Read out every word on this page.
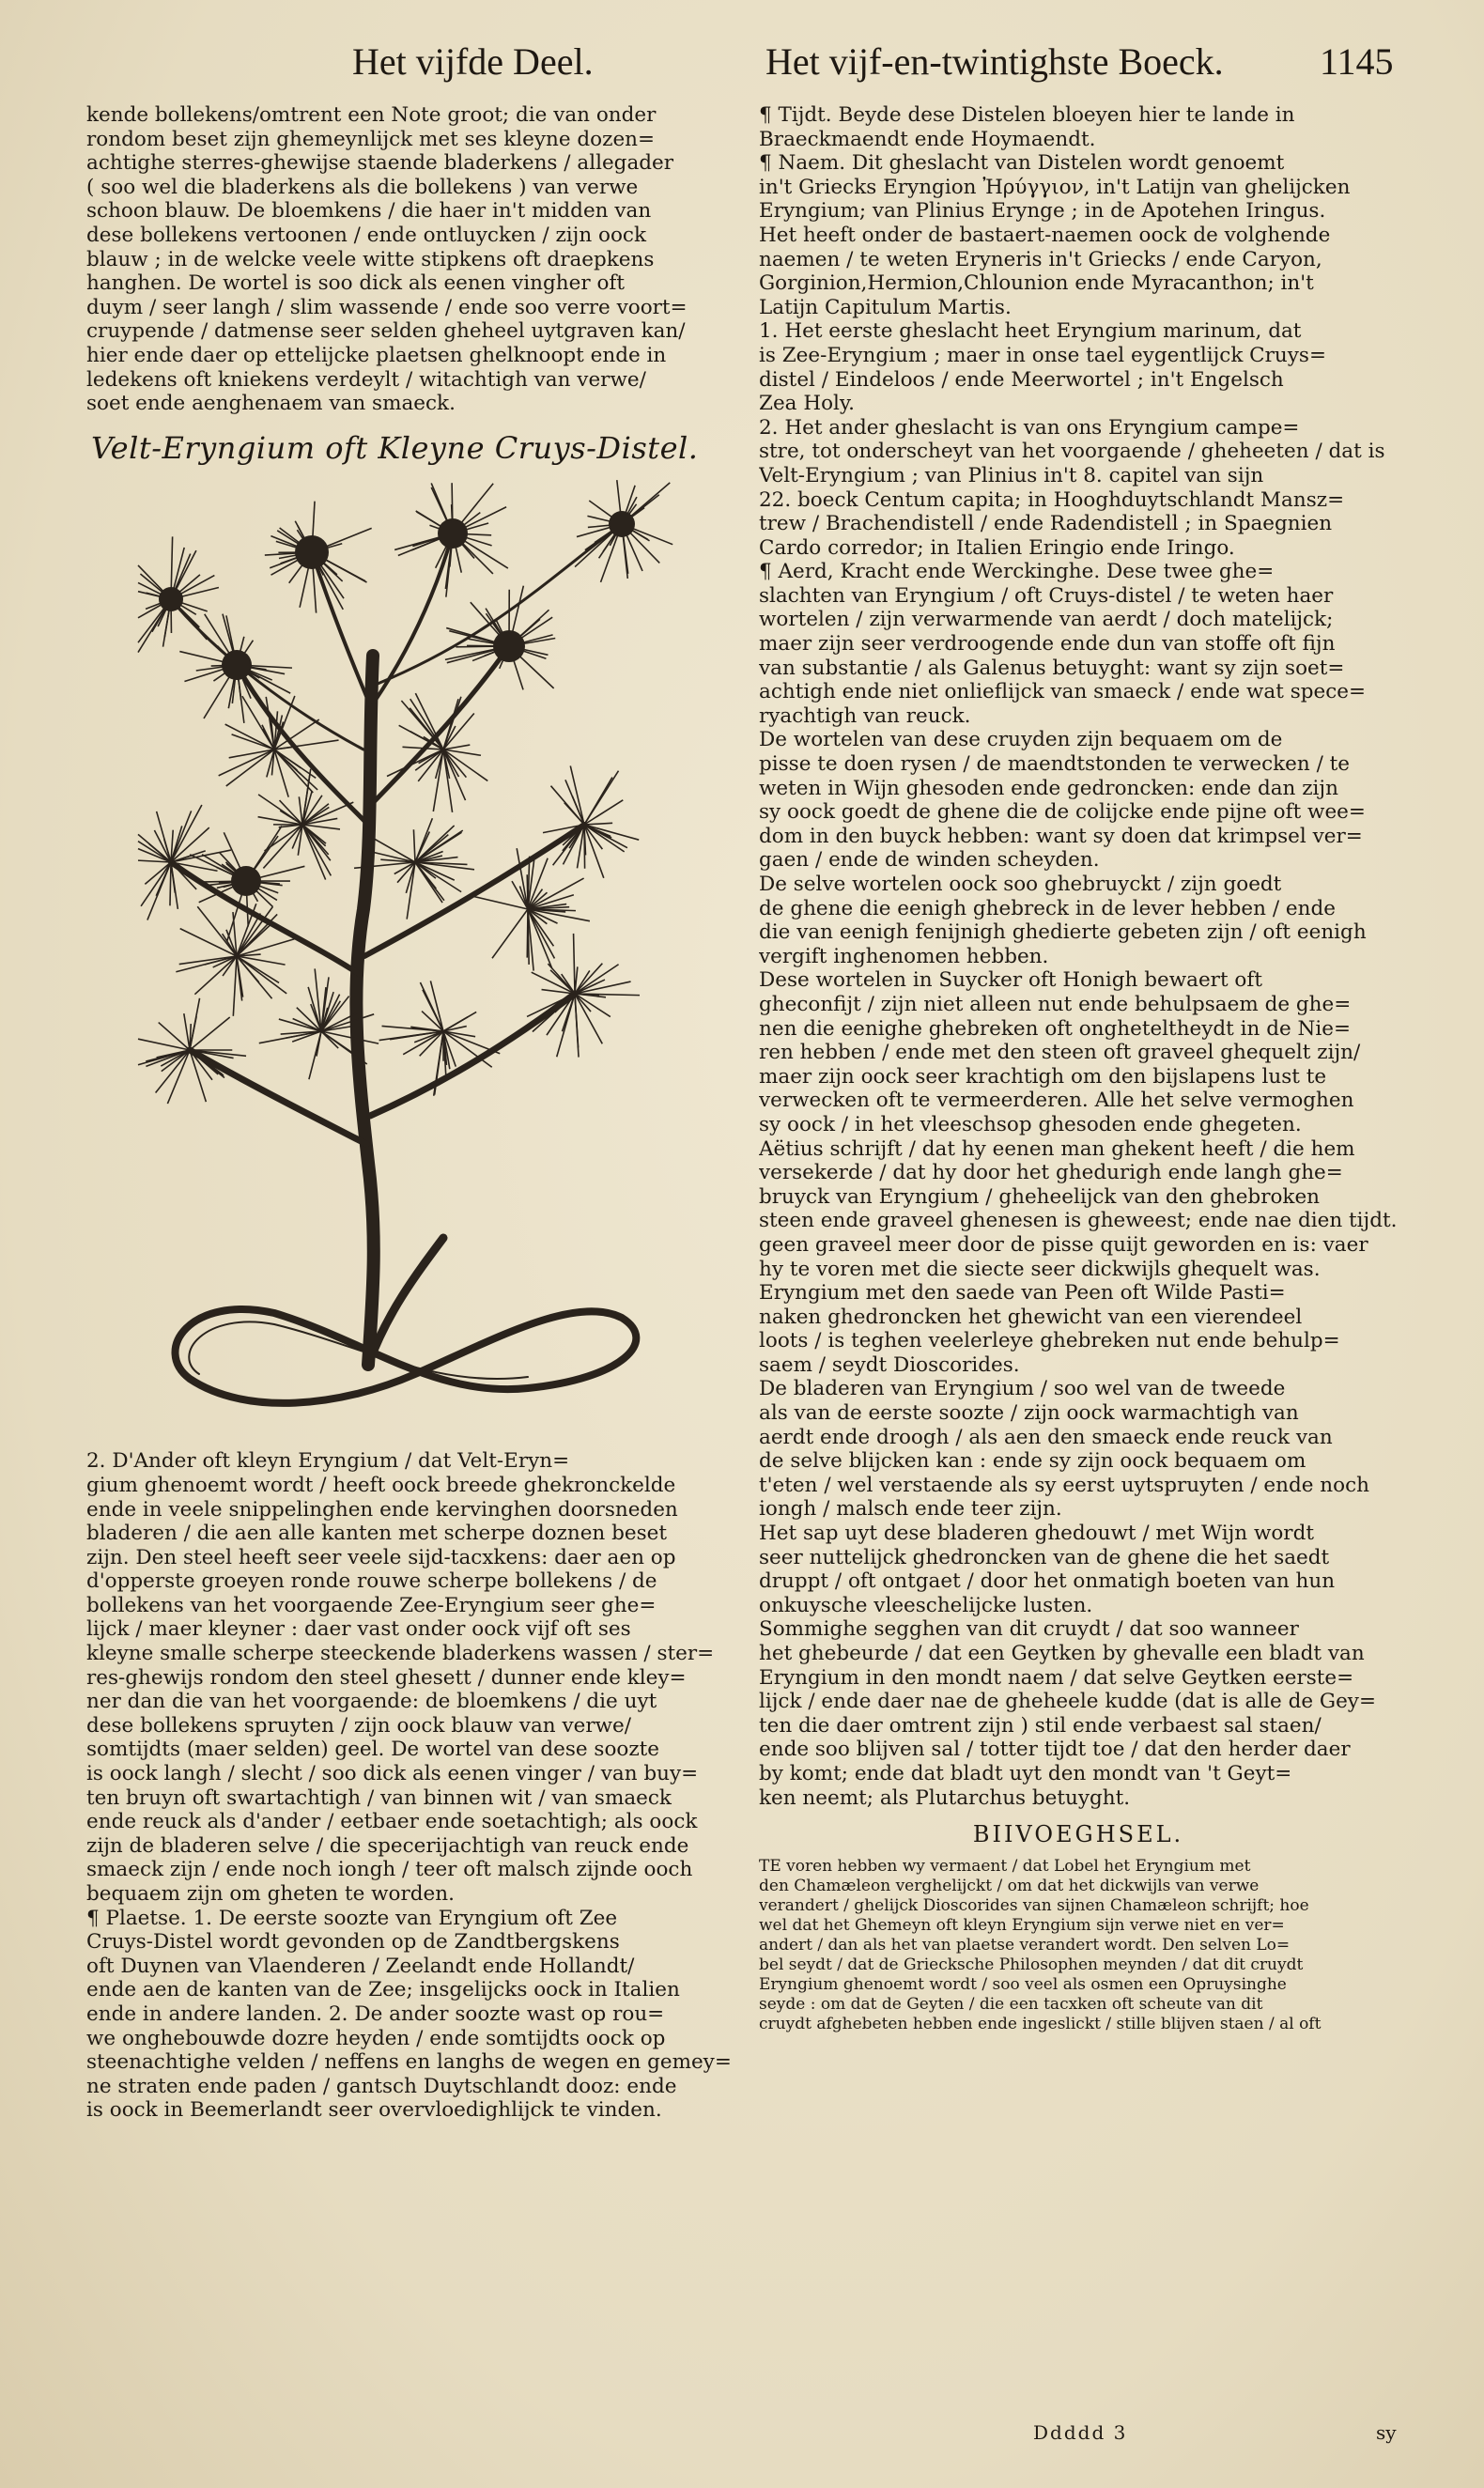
Het vijfde Deel.	Het vijf-en-twintighste Boeck.	1145
kende bollekens/omtrent een Note groot; die van onder
rondom beset zijn ghemeynlijck met ses kleyne dozen=
achtighe sterres-ghewijse staende bladerkens / allegader
( soo wel die bladerkens als die bollekens ) van verwe
schoon blauw. De bloemkens / die haer in't midden van
dese bollekens vertoonen / ende ontluycken / zijn oock
blauw ; in de welcke veele witte stipkens oft draepkens
hanghen. De wortel is soo dick als eenen vingher oft
duym / seer langh / slim wassende / ende soo verre voort=
cruypende / datmense seer selden gheheel uytgraven kan/
hier ende daer op ettelijcke plaetsen ghelknoopt ende in
ledekens oft kniekens verdeylt / witachtigh van verwe/
soet ende aenghenaem van smaeck.
Velt-Eryngium oft Kleyne Cruys-Distel.
2. D'Ander oft kleyn Eryngium / dat Velt-Eryn=
gium ghenoemt wordt / heeft oock breede ghekronckelde
ende in veele snippelinghen ende kervinghen doorsneden
bladeren / die aen alle kanten met scherpe doznen beset
zijn. Den steel heeft seer veele sijd-tacxkens: daer aen op
d'opperste groeyen ronde rouwe scherpe bollekens / de
bollekens van het voorgaende Zee-Eryngium seer ghe=
lijck / maer kleyner : daer vast onder oock vijf oft ses
kleyne smalle scherpe steeckende bladerkens wassen / ster=
res-ghewijs rondom den steel ghesett / dunner ende kley=
ner dan die van het voorgaende: de bloemkens / die uyt
dese bollekens spruyten / zijn oock blauw van verwe/
somtijdts (maer selden) geel. De wortel van dese soozte
is oock langh / slecht / soo dick als eenen vinger / van buy=
ten bruyn oft swartachtigh / van binnen wit / van smaeck
ende reuck als d'ander / eetbaer ende soetachtigh; als oock
zijn de bladeren selve / die specerijachtigh van reuck ende
smaeck zijn / ende noch iongh / teer oft malsch zijnde ooch
bequaem zijn om gheten te worden.
¶ Plaetse. 1. De eerste soozte van Eryngium oft Zee
Cruys-Distel wordt gevonden op de Zandtbergskens
oft Duynen van Vlaenderen / Zeelandt ende Hollandt/
ende aen de kanten van de Zee; insgelijcks oock in Italien
ende in andere landen. 2. De ander soozte wast op rou=
we onghebouwde dozre heyden / ende somtijdts oock op
steenachtighe velden / neffens en langhs de wegen en gemey=
ne straten ende paden / gantsch Duytschlandt dooz: ende
is oock in Beemerlandt seer overvloedighlijck te vinden.
¶ Tijdt. Beyde dese Distelen bloeyen hier te lande in
Braeckmaendt ende Hoymaendt.
¶ Naem. Dit gheslacht van Distelen wordt genoemt
in't Griecks Eryngion Ἠρύγγιον, in't Latijn van ghelijcken
Eryngium; van Plinius Erynge ; in de Apotehen Iringus.
Het heeft onder de bastaert-naemen oock de volghende
naemen / te weten Eryneris in't Griecks / ende Caryon,
Gorginion,Hermion,Chlounion ende Myracanthon; in't
Latijn Capitulum Martis.
1. Het eerste gheslacht heet Eryngium marinum, dat
is Zee-Eryngium ; maer in onse tael eygentlijck Cruys=
distel / Eindeloos / ende Meerwortel ; in't Engelsch
Zea Holy.
2. Het ander gheslacht is van ons Eryngium campe=
stre, tot onderscheyt van het voorgaende / gheheeten / dat is
Velt-Eryngium ; van Plinius in't 8. capitel van sijn
22. boeck Centum capita; in Hooghduytschlandt Mansz=
trew / Brachendistell / ende Radendistell ; in Spaegnien
Cardo corredor; in Italien Eringio ende Iringo.
¶ Aerd, Kracht ende Werckinghe. Dese twee ghe=
slachten van Eryngium / oft Cruys-distel / te weten haer
wortelen / zijn verwarmende van aerdt / doch matelijck;
maer zijn seer verdroogende ende dun van stoffe oft fijn
van substantie / als Galenus betuyght: want sy zijn soet=
achtigh ende niet onlieflijck van smaeck / ende wat spece=
ryachtigh van reuck.
De wortelen van dese cruyden zijn bequaem om de
pisse te doen rysen / de maendtstonden te verwecken / te
weten in Wijn ghesoden ende gedroncken: ende dan zijn
sy oock goedt de ghene die de colijcke ende pijne oft wee=
dom in den buyck hebben: want sy doen dat krimpsel ver=
gaen / ende de winden scheyden.
De selve wortelen oock soo ghebruyckt / zijn goedt
de ghene die eenigh ghebreck in de lever hebben / ende
die van eenigh fenijnigh ghedierte gebeten zijn / oft eenigh
vergift inghenomen hebben.
Dese wortelen in Suycker oft Honigh bewaert oft
gheconfijt / zijn niet alleen nut ende behulpsaem de ghe=
nen die eenighe ghebreken oft ongheteltheydt in de Nie=
ren hebben / ende met den steen oft graveel ghequelt zijn/
maer zijn oock seer krachtigh om den bijslapens lust te
verwecken oft te vermeerderen. Alle het selve vermoghen
sy oock / in het vleeschsop ghesoden ende ghegeten.
Aëtius schrijft / dat hy eenen man ghekent heeft / die hem
versekerde / dat hy door het ghedurigh ende langh ghe=
bruyck van Eryngium / gheheelijck van den ghebroken
steen ende graveel ghenesen is gheweest; ende nae dien tijdt.
geen graveel meer door de pisse quijt geworden en is: vaer
hy te voren met die siecte seer dickwijls ghequelt was.
Eryngium met den saede van Peen oft Wilde Pasti=
naken ghedroncken het ghewicht van een vierendeel
loots / is teghen veelerleye ghebreken nut ende behulp=
saem / seydt Dioscorides.
De bladeren van Eryngium / soo wel van de tweede
als van de eerste soozte / zijn oock warmachtigh van
aerdt ende droogh / als aen den smaeck ende reuck van
de selve blijcken kan : ende sy zijn oock bequaem om
t'eten / wel verstaende als sy eerst uytspruyten / ende noch
iongh / malsch ende teer zijn.
Het sap uyt dese bladeren ghedouwt / met Wijn wordt
seer nuttelijck ghedroncken van de ghene die het saedt
druppt / oft ontgaet / door het onmatigh boeten van hun
onkuysche vleeschelijcke lusten.
Sommighe segghen van dit cruydt / dat soo wanneer
het ghebeurde / dat een Geytken by ghevalle een bladt van
Eryngium in den mondt naem / dat selve Geytken eerste=
lijck / ende daer nae de gheheele kudde (dat is alle de Gey=
ten die daer omtrent zijn ) stil ende verbaest sal staen/
ende soo blijven sal / totter tijdt toe / dat den herder daer
by komt; ende dat bladt uyt den mondt van 't Geyt=
ken neemt; als Plutarchus betuyght.
BIIVOEGHSEL.
TE voren hebben wy vermaent / dat Lobel het Eryngium met
den Chamæleon verghelijckt / om dat het dickwijls van verwe
verandert / ghelijck Dioscorides van sijnen Chamæleon schrijft; hoe
wel dat het Ghemeyn oft kleyn Eryngium sijn verwe niet en ver=
andert / dan als het van plaetse verandert wordt. Den selven Lo=
bel seydt / dat de Griecksche Philosophen meynden / dat dit cruydt
Eryngium ghenoemt wordt / soo veel als osmen een Opruysinghe
seyde : om dat de Geyten / die een tacxken oft scheute van dit
cruydt afghebeten hebben ende ingeslickt / stille blijven staen / al oft
Ddddd 3	sy
